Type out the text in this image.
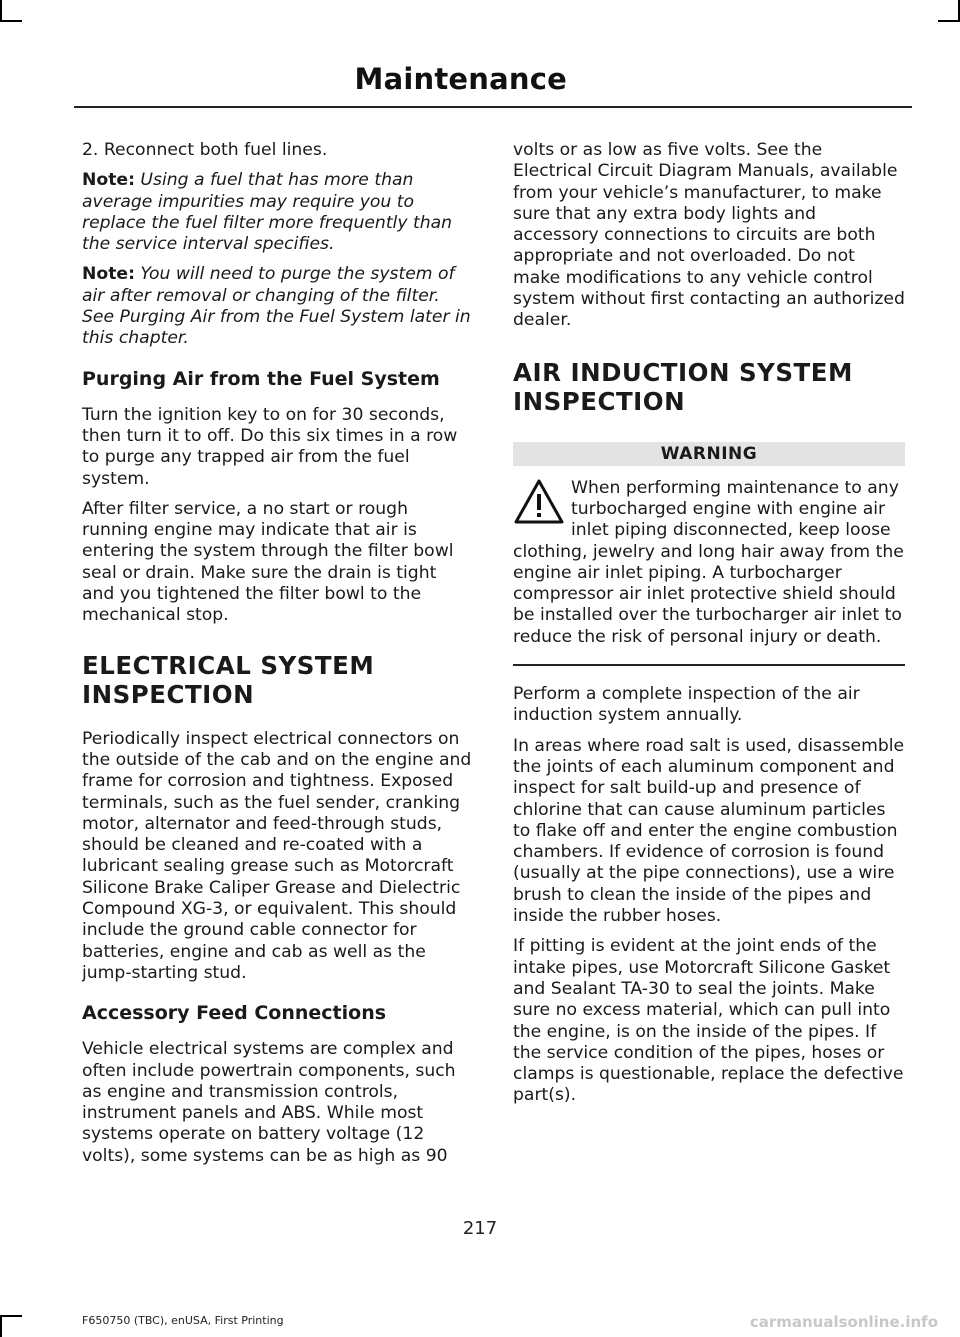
Maintenance

2. Reconnect both fuel lines.

Note: Using a fuel that has more than average impurities may require you to replace the fuel filter more frequently than the service interval specifies.

Note: You will need to purge the system of air after removal or changing of the filter. See Purging Air from the Fuel System later in this chapter.

Purging Air from the Fuel System

Turn the ignition key to on for 30 seconds, then turn it to off. Do this six times in a row to purge any trapped air from the fuel system.

After filter service, a no start or rough running engine may indicate that air is entering the system through the filter bowl seal or drain. Make sure the drain is tight and you tightened the filter bowl to the mechanical stop.

ELECTRICAL SYSTEM
INSPECTION

Periodically inspect electrical connectors on the outside of the cab and on the engine and frame for corrosion and tightness. Exposed terminals, such as the fuel sender, cranking motor, alternator and feed-through studs, should be cleaned and re-coated with a lubricant sealing grease such as Motorcraft Silicone Brake Caliper Grease and Dielectric Compound XG-3, or equivalent. This should include the ground cable connector for batteries, engine and cab as well as the jump-starting stud.

Accessory Feed Connections

Vehicle electrical systems are complex and often include powertrain components, such as engine and transmission controls, instrument panels and ABS. While most systems operate on battery voltage (12 volts), some systems can be as high as 90

volts or as low as five volts. See the Electrical Circuit Diagram Manuals, available from your vehicle’s manufacturer, to make sure that any extra body lights and accessory connections to circuits are both appropriate and not overloaded. Do not make modifications to any vehicle control system without first contacting an authorized dealer.

AIR INDUCTION SYSTEM
INSPECTION
WARNING
When performing maintenance to any turbocharged engine with engine air inlet piping disconnected, keep loose clothing, jewelry and long hair away from the engine air inlet piping. A turbocharger compressor air inlet protective shield should be installed over the turbocharger air inlet to reduce the risk of personal injury or death.

Perform a complete inspection of the air induction system annually.

In areas where road salt is used, disassemble the joints of each aluminum component and inspect for salt build-up and presence of chlorine that can cause aluminum particles to flake off and enter the engine combustion chambers. If evidence of corrosion is found (usually at the pipe connections), use a wire brush to clean the inside of the pipes and inside the rubber hoses.

If pitting is evident at the joint ends of the intake pipes, use Motorcraft Silicone Gasket and Sealant TA-30 to seal the joints. Make sure no excess material, which can pull into the engine, is on the inside of the pipes. If the service condition of the pipes, hoses or clamps is questionable, replace the defective part(s).

217
F650750 (TBC), enUSA, First Printing	carmanualsonline.info
